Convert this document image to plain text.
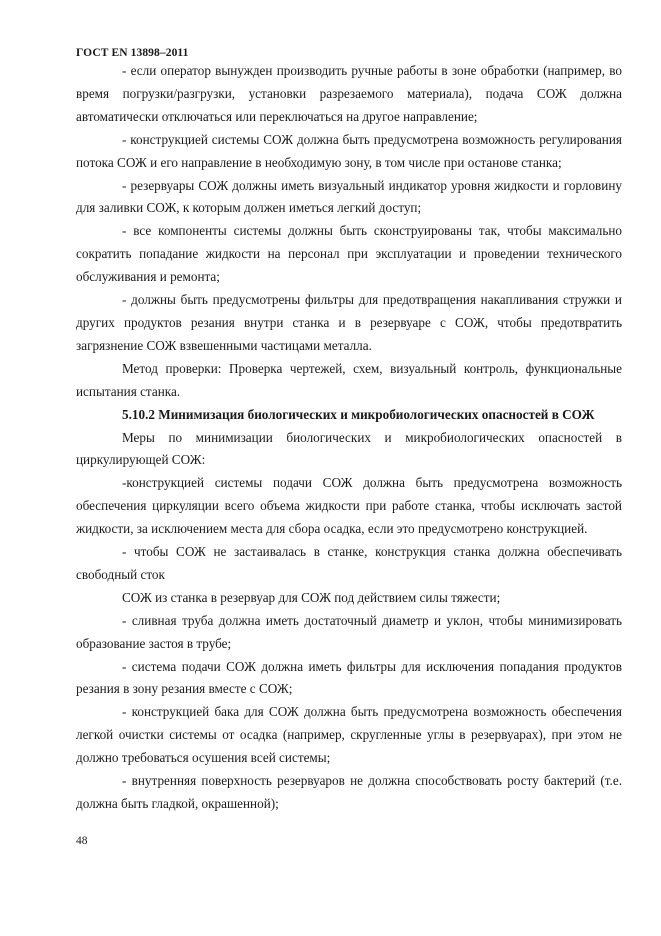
ГОСТ EN 13898–2011

- если оператор вынужден производить ручные работы в зоне обработки (например, во время погрузки/разгрузки, установки разрезаемого материала), подача СОЖ должна автоматически отключаться или переключаться на другое направление;

- конструкцией системы СОЖ должна быть предусмотрена возможность регулирования потока СОЖ и его направление в необходимую зону, в том числе при останове станка;

- резервуары СОЖ должны иметь визуальный индикатор уровня жидкости и горловину для заливки СОЖ, к которым должен иметься легкий доступ;

- все компоненты системы должны быть сконструированы так, чтобы максимально сократить попадание жидкости на персонал при эксплуатации и проведении технического обслуживания и ремонта;

- должны быть предусмотрены фильтры для предотвращения накапливания стружки и других продуктов резания внутри станка и в резервуаре с СОЖ, чтобы предотвратить загрязнение СОЖ взвешенными частицами металла.

Метод проверки: Проверка чертежей, схем, визуальный контроль, функциональные испытания станка.

5.10.2 Минимизация биологических и микробиологических опасностей в СОЖ

Меры по минимизации биологических и микробиологических опасностей в циркулирующей СОЖ:

-конструкцией системы подачи СОЖ должна быть предусмотрена возможность обеспечения циркуляции всего объема жидкости при работе станка, чтобы исключать застой жидкости, за исключением места для сбора осадка, если это предусмотрено конструкцией.

- чтобы СОЖ не застаивалась в станке, конструкция станка должна обеспечивать свободный сток

СОЖ из станка в резервуар для СОЖ под действием силы тяжести;

- сливная труба должна иметь достаточный диаметр и уклон, чтобы минимизировать образование застоя в трубе;

- система подачи СОЖ должна иметь фильтры для исключения попадания продуктов резания в зону резания вместе с СОЖ;

- конструкцией бака для СОЖ должна быть предусмотрена возможность обеспечения легкой очистки системы от осадка (например, скругленные углы в резервуарах), при этом не должно требоваться осушения всей системы;

- внутренняя поверхность резервуаров не должна способствовать росту бактерий (т.е. должна быть гладкой, окрашенной);

48
